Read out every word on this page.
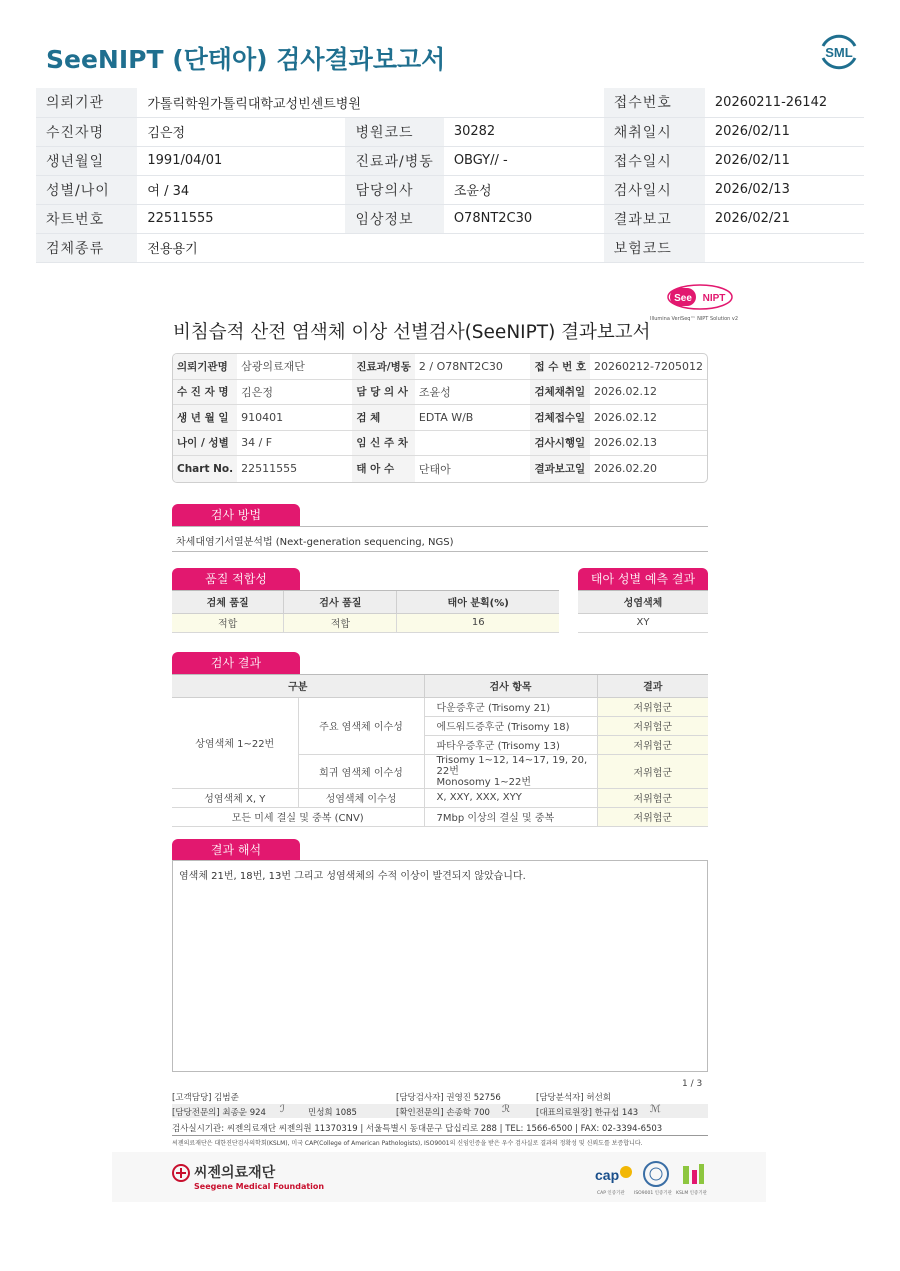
SeeNIPT (단태아) 검사결과보고서	SML
의뢰기관	가톨릭학원가톨릭대학교성빈센트병원			접수번호	20260211-26142
수진자명	김은정	병원코드	30282	채취일시	2026/02/11
생년월일	1991/04/01	진료과/병동	OBGY// -	접수일시	2026/02/11
성별/나이	여 / 34	담당의사	조윤성	검사일시	2026/02/13
차트번호	22511555	임상정보	O78NT2C30	결과보고	2026/02/21
검체종류	전용용기			보험코드	
See NIPT
Illumina VeriSeq™ NIPT Solution v2
비침습적 산전 염색체 이상 선별검사(SeeNIPT) 결과보고서
의뢰기관명	삼광의료재단	진료과/병동	2 / O78NT2C30	접 수 번 호	20260212-7205012
수 진 자 명	김은정	담 당 의 사	조윤성	검체채취일	2026.02.12
생 년 월 일	910401	검 체	EDTA W/B	검체접수일	2026.02.12
나이 / 성별	34 / F	임 신 주 차		검사시행일	2026.02.13
Chart No.	22511555	태 아 수	단태아	결과보고일	2026.02.20
검사 방법
차세대염기서열분석법 (Next-generation sequencing, NGS)
품질 적합성
검체 품질	검사 품질	태아 분획(%)
적합	적합	16
태아 성별 예측 결과
성염색체
XY
검사 결과
구분		검사 항목	결과
상염색체 1~22번	주요 염색체 이수성	다운증후군 (Trisomy 21)	저위험군
		에드워드증후군 (Trisomy 18)	저위험군
		파타우증후군 (Trisomy 13)	저위험군
	희귀 염색체 이수성	Trisomy 1~12, 14~17, 19, 20, 22번
Monosomy 1~22번	저위험군
성염색체 X, Y	성염색체 이수성	X, XXY, XXX, XYY	저위험군
모든 미세 결실 및 중복 (CNV)		7Mbp 이상의 결실 및 중복	저위험군
결과 해석
염색체 21번, 18번, 13번 그리고 성염색체의 수적 이상이 발견되지 않았습니다.
1 / 3
[고객담당] 김범준	[담당검사자] 권영진 52756	[담당분석자] 허선회
[담당전문의] 최종운 924 ℐ	민성희 1085	[확인전문의] 손종학 700 ℛ	[대표의료원장] 한규섭 143 ℳ
검사실시기관: 씨젠의료재단 씨젠의원 11370319 | 서울특별시 동대문구 답십리로 288 | TEL: 1566-6500 | FAX: 02-3394-6503
씨젠의료재단은 대한진단검사의학회(KSLM), 미국 CAP(College of American Pathologists), ISO9001의 신임인증을 받은 우수 검사실로 결과의 정확성 및 신뢰도를 보증합니다.
씨젠의료재단
Seegene Medical Foundation
cap
CAP 인증기관 ISO9001 인증기관 KSLM 인증기관
